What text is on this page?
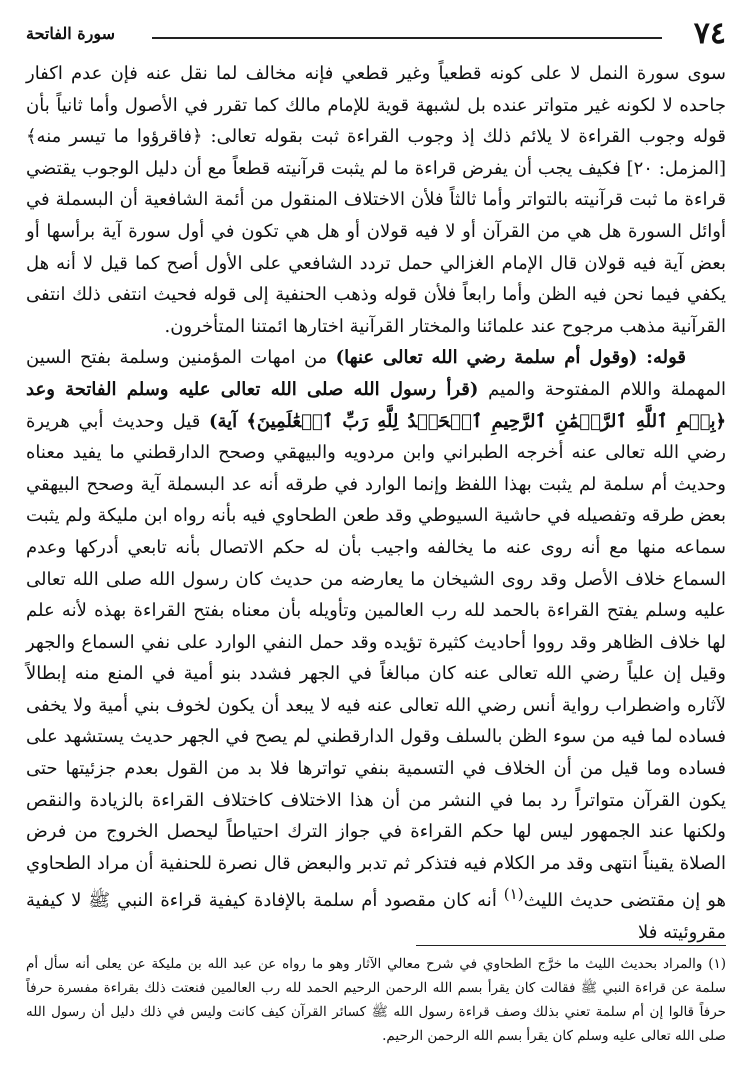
٧٤
سورة الفاتحة

سوى سورة النمل لا على كونه قطعياً وغير قطعي فإنه مخالف لما نقل عنه فإن عدم اكفار جاحده لا لكونه غير متواتر عنده بل لشبهة قوية للإمام مالك كما تقرر في الأصول وأما ثانياً بأن قوله وجوب القراءة لا يلائم ذلك إذ وجوب القراءة ثبت بقوله تعالى: ﴿فاقرؤوا ما تيسر منه﴾ [المزمل: ٢٠] فكيف يجب أن يفرض قراءة ما لم يثبت قرآنيته قطعاً مع أن دليل الوجوب يقتضي قراءة ما ثبت قرآنيته بالتواتر وأما ثالثاً فلأن الاختلاف المنقول من أئمة الشافعية أن البسملة في أوائل السورة هل هي من القرآن أو لا فيه قولان أو هل هي تكون في أول سورة آية برأسها أو بعض آية فيه قولان قال الإمام الغزالي حمل تردد الشافعي على الأول أصح كما قيل لا أنه هل يكفي فيما نحن فيه الظن وأما رابعاً فلأن قوله وذهب الحنفية إلى قوله فحيث انتفى ذلك انتفى القرآنية مذهب مرجوح عند علمائنا والمختار القرآنية اختارها ائمتنا المتأخرون.

قوله: (وقول أم سلمة رضي الله تعالى عنها) من امهات المؤمنين وسلمة بفتح السين المهملة واللام المفتوحة والميم (قرأ رسول الله صلى الله تعالى عليه وسلم الفاتحة وعد ﴿بِسۡمِ ٱللَّهِ ٱلرَّحۡمَٰنِ ٱلرَّحِيمِ ٱلۡحَمۡدُ لِلَّهِ رَبِّ ٱلۡعَٰلَمِينَ﴾ آية) قيل وحديث أبي هريرة رضي الله تعالى عنه أخرجه الطبراني وابن مردويه والبيهقي وصحح الدارقطني ما يفيد معناه وحديث أم سلمة لم يثبت بهذا اللفظ وإنما الوارد في طرقه أنه عد البسملة آية وصحح البيهقي بعض طرقه وتفصيله في حاشية السيوطي وقد طعن الطحاوي فيه بأنه رواه ابن مليكة ولم يثبت سماعه منها مع أنه روى عنه ما يخالفه واجيب بأن له حكم الاتصال بأنه تابعي أدركها وعدم السماع خلاف الأصل وقد روى الشيخان ما يعارضه من حديث كان رسول الله صلى الله تعالى عليه وسلم يفتح القراءة بالحمد لله رب العالمين وتأويله بأن معناه بفتح القراءة بهذه لأنه علم لها خلاف الظاهر وقد رووا أحاديث كثيرة تؤيده وقد حمل النفي الوارد على نفي السماع والجهر وقيل إن علياً رضي الله تعالى عنه كان مبالغاً في الجهر فشدد بنو أمية في المنع منه إبطالاً لآثاره واضطراب رواية أنس رضي الله تعالى عنه فيه لا يبعد أن يكون لخوف بني أمية ولا يخفى فساده لما فيه من سوء الظن بالسلف وقول الدارقطني لم يصح في الجهر حديث يستشهد على فساده وما قيل من أن الخلاف في التسمية بنفي تواترها فلا بد من القول بعدم جزئيتها حتى يكون القرآن متواتراً رد بما في النشر من أن هذا الاختلاف كاختلاف القراءة بالزيادة والنقص ولكنها عند الجمهور ليس لها حكم القراءة في جواز الترك احتياطاً ليحصل الخروج من فرض الصلاة يقيناً انتهى وقد مر الكلام فيه فتذكر ثم تدبر والبعض قال نصرة للحنفية أن مراد الطحاوي هو إن مقتضى حديث الليث$^{(١)}$ أنه كان مقصود أم سلمة بالإفادة كيفية قراءة النبي ﷺ لا كيفية مقروئيته فلا

(١) والمراد بحديث الليث ما خرَّج الطحاوي في شرح معالي الآثار وهو ما رواه عن عبد الله بن مليكة عن يعلى أنه سأل أم سلمة عن قراءة النبي ﷺ فقالت كان يقرأ بسم الله الرحمن الرحيم الحمد لله رب العالمين فنعتت ذلك بقراءة مفسرة حرفاً حرفاً قالوا إن أم سلمة تعني بذلك وصف قراءة رسول الله ﷺ كسائر القرآن كيف كانت وليس في ذلك دليل أن رسول الله صلى الله تعالى عليه وسلم كان يقرأ بسم الله الرحمن الرحيم.
